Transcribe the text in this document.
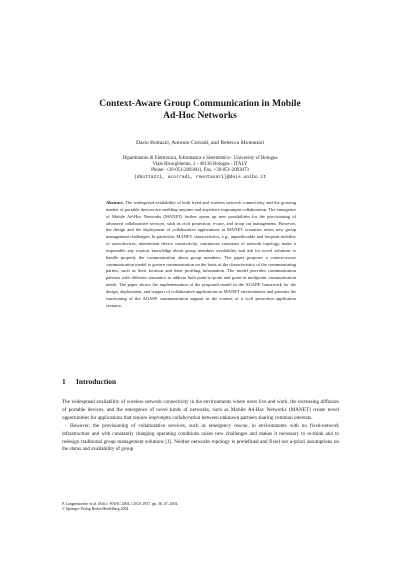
Context-Aware Group Communication in Mobile
Ad-Hoc Networks
Dario Bottazzi, Antonio Corradi, and Rebecca Montanari
Dipartimento di Elettronica, Informatica e Sistemistica - University of Bologna
Viale Risorgimento, 2 - 40136 Bologna - ITALY
Phone: +39-051-2093001, Fax. +39-051-2093073
{dbottazzi, acorradi, rmontanari}@deis.unibo.it
Abstract. The widespread availability of both fixed and wireless network connectivity and the growing market of portable devices are enabling anytime and anywhere impromptu collaboration. The emergence of Mobile Ad-Hoc Networks (MANET) further opens up new possibilities for the provisioning of advanced collaborative services, such as civil protection, e-care, and troop car management. However, the design and the deployment of collaborative applications in MANET scenarios raises new group management challenges. In particular, MANET characteristics, e.g., unpredictable and frequent mobility of users/devices, intermittent device connectivity, continuous variations of network topology, make it impossible any a-priori knowledge about group members availability and ask for novel solutions to handle properly the communication about group members. The paper proposes a context-aware communication model to govern communication on the basis of the characteristics of the communicating parties, such as their location and their profiling information. The model provides communication patterns with different semantics to address both point-to-point and point-to-multipoint communication needs. The paper shows the implementation of the proposed model in the AGAPE framework for the design, deployment, and support of collaborative applications in MANET environments and presents the functioning of the AGAPE communication support in the context of a civil protection application scenario.
1 Introduction

The widespread availability of wireless network connectivity in the environments where users live and work, the increasing diffusion of portable devices, and the emergence of novel kinds of networks, such as Mobile Ad-Hoc Networks (MANET) create novel opportunities for applications that require impromptu collaboration between unknown partners sharing common interests.

However, the provisioning of collaborative services, such as emergency rescue, in environments with no fixed-network infrastructure and with constantly changing operating conditions raises new challenges and makes it necessary to re-think and to redesign traditional group management solutions [1]. Neither networks topology is predefined and fixed nor a-priori assumptions on the status and availability of group

P. Langendoerfer et al. (Eds.): WWIC 2004, LNCS 2957, pp. 38–47, 2004.
© Springer-Verlag Berlin Heidelberg 2004
